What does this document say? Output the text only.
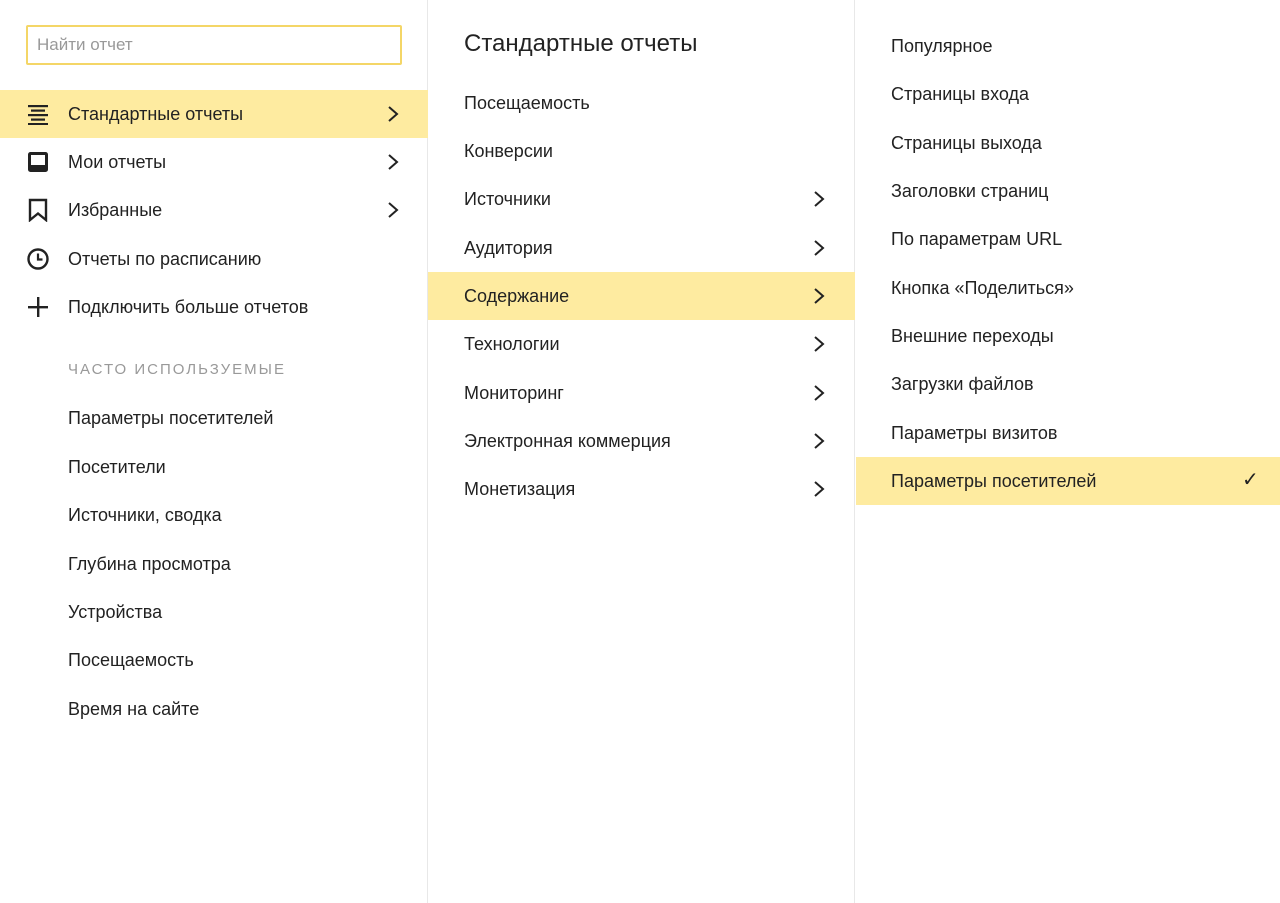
Найти отчет
Стандартные отчеты
Мои отчеты
Избранные
Отчеты по расписанию
Подключить больше отчетов
ЧАСТО ИСПОЛЬЗУЕМЫЕ
Параметры посетителей
Посетители
Источники, сводка
Глубина просмотра
Устройства
Посещаемость
Время на сайте
Стандартные отчеты
Посещаемость
Конверсии
Источники
Аудитория
Содержание
Технологии
Мониторинг
Электронная коммерция
Монетизация
Популярное
Страницы входа
Страницы выхода
Заголовки страниц
По параметрам URL
Кнопка «Поделиться»
Внешние переходы
Загрузки файлов
Параметры визитов
Параметры посетителей	✓
